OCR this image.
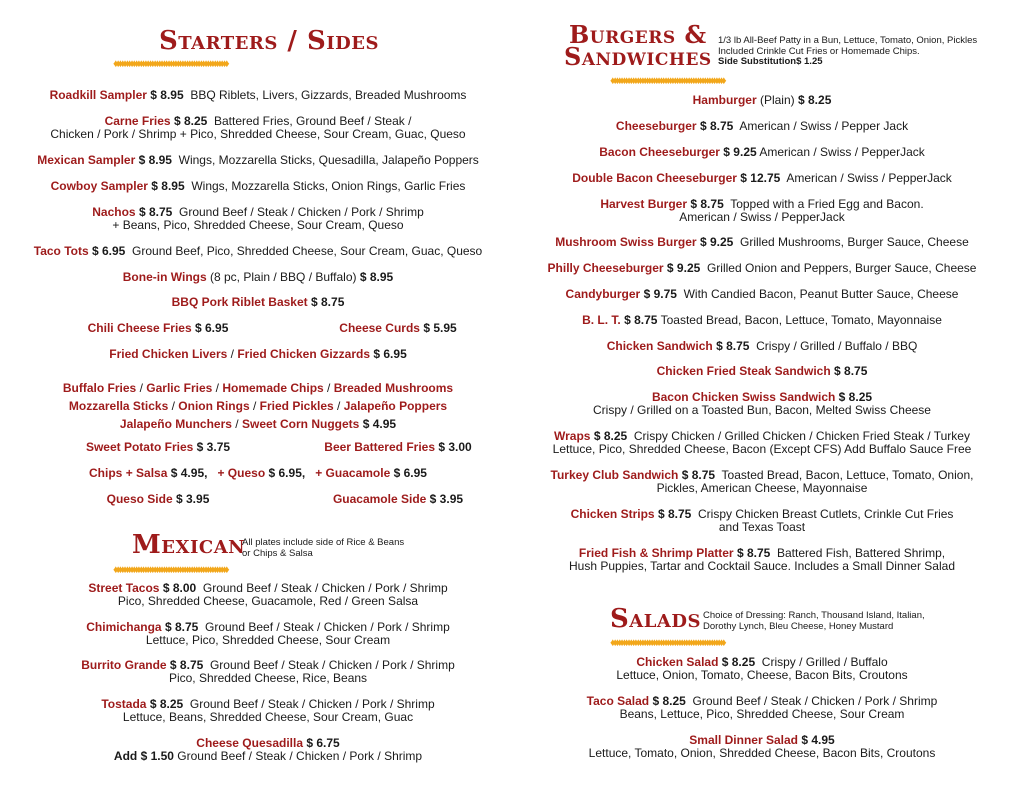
Starters / Sides
♦♦♦♦♦♦♦♦♦♦♦♦♦♦♦♦♦♦♦♦♦♦♦♦♦♦♦♦♦♦♦♦♦♦♦♦♦♦♦♦♦♦♦♦♦♦♦♦♦
Roadkill Sampler $ 8.95 BBQ Riblets, Livers, Gizzards, Breaded Mushrooms
Carne Fries $ 8.25 Battered Fries, Ground Beef / Steak /
Chicken / Pork / Shrimp + Pico, Shredded Cheese, Sour Cream, Guac, Queso
Mexican Sampler $ 8.95 Wings, Mozzarella Sticks, Quesadilla, Jalapeño Poppers
Cowboy Sampler $ 8.95 Wings, Mozzarella Sticks, Onion Rings, Garlic Fries
Nachos $ 8.75 Ground Beef / Steak / Chicken / Pork / Shrimp
+ Beans, Pico, Shredded Cheese, Sour Cream, Queso
Taco Tots $ 6.95 Ground Beef, Pico, Shredded Cheese, Sour Cream, Guac, Queso
Bone-in Wings (8 pc, Plain / BBQ / Buffalo) $ 8.95
BBQ Pork Riblet Basket $ 8.75
Chili Cheese Fries $ 6.95	Cheese Curds $ 5.95
Fried Chicken Livers / Fried Chicken Gizzards $ 6.95
Buffalo Fries / Garlic Fries / Homemade Chips / Breaded Mushrooms
Mozzarella Sticks / Onion Rings / Fried Pickles / Jalapeño Poppers
Jalapeño Munchers / Sweet Corn Nuggets $ 4.95
Sweet Potato Fries $ 3.75	Beer Battered Fries $ 3.00
Chips + Salsa $ 4.95, + Queso $ 6.95, + Guacamole $ 6.95
Queso Side $ 3.95	Guacamole Side $ 3.95
Mexican
All plates include side of Rice & Beans
or Chips & Salsa
♦♦♦♦♦♦♦♦♦♦♦♦♦♦♦♦♦♦♦♦♦♦♦♦♦♦♦♦♦♦♦♦♦♦♦♦♦♦♦♦♦♦♦♦♦♦♦♦♦
Street Tacos $ 8.00 Ground Beef / Steak / Chicken / Pork / Shrimp
Pico, Shredded Cheese, Guacamole, Red / Green Salsa
Chimichanga $ 8.75 Ground Beef / Steak / Chicken / Pork / Shrimp
Lettuce, Pico, Shredded Cheese, Sour Cream
Burrito Grande $ 8.75 Ground Beef / Steak / Chicken / Pork / Shrimp
Pico, Shredded Cheese, Rice, Beans
Tostada $ 8.25 Ground Beef / Steak / Chicken / Pork / Shrimp
Lettuce, Beans, Shredded Cheese, Sour Cream, Guac
Cheese Quesadilla $ 6.75
Add $ 1.50 Ground Beef / Steak / Chicken / Pork / Shrimp
Burgers &
Sandwiches
1/3 lb All-Beef Patty in a Bun, Lettuce, Tomato, Onion, Pickles
Included Crinkle Cut Fries or Homemade Chips.
Side Substitution$ 1.25
♦♦♦♦♦♦♦♦♦♦♦♦♦♦♦♦♦♦♦♦♦♦♦♦♦♦♦♦♦♦♦♦♦♦♦♦♦♦♦♦♦♦♦♦♦♦♦♦♦
Hamburger (Plain) $ 8.25
Cheeseburger $ 8.75 American / Swiss / Pepper Jack
Bacon Cheeseburger $ 9.25 American / Swiss / PepperJack
Double Bacon Cheeseburger $ 12.75 American / Swiss / PepperJack
Harvest Burger $ 8.75 Topped with a Fried Egg and Bacon.
American / Swiss / PepperJack
Mushroom Swiss Burger $ 9.25 Grilled Mushrooms, Burger Sauce, Cheese
Philly Cheeseburger $ 9.25 Grilled Onion and Peppers, Burger Sauce, Cheese
Candyburger $ 9.75 With Candied Bacon, Peanut Butter Sauce, Cheese
B. L. T. $ 8.75 Toasted Bread, Bacon, Lettuce, Tomato, Mayonnaise
Chicken Sandwich $ 8.75 Crispy / Grilled / Buffalo / BBQ
Chicken Fried Steak Sandwich $ 8.75
Bacon Chicken Swiss Sandwich $ 8.25
Crispy / Grilled on a Toasted Bun, Bacon, Melted Swiss Cheese
Wraps $ 8.25 Crispy Chicken / Grilled Chicken / Chicken Fried Steak / Turkey
Lettuce, Pico, Shredded Cheese, Bacon (Except CFS) Add Buffalo Sauce Free
Turkey Club Sandwich $ 8.75 Toasted Bread, Bacon, Lettuce, Tomato, Onion,
Pickles, American Cheese, Mayonnaise
Chicken Strips $ 8.75 Crispy Chicken Breast Cutlets, Crinkle Cut Fries
and Texas Toast
Fried Fish & Shrimp Platter $ 8.75 Battered Fish, Battered Shrimp,
Hush Puppies, Tartar and Cocktail Sauce. Includes a Small Dinner Salad
Salads Choice of Dressing: Ranch, Thousand Island, Italian,
Dorothy Lynch, Bleu Cheese, Honey Mustard
♦♦♦♦♦♦♦♦♦♦♦♦♦♦♦♦♦♦♦♦♦♦♦♦♦♦♦♦♦♦♦♦♦♦♦♦♦♦♦♦♦♦♦♦♦♦♦♦♦
Chicken Salad $ 8.25 Crispy / Grilled / Buffalo
Lettuce, Onion, Tomato, Cheese, Bacon Bits, Croutons
Taco Salad $ 8.25 Ground Beef / Steak / Chicken / Pork / Shrimp
Beans, Lettuce, Pico, Shredded Cheese, Sour Cream
Small Dinner Salad $ 4.95
Lettuce, Tomato, Onion, Shredded Cheese, Bacon Bits, Croutons
